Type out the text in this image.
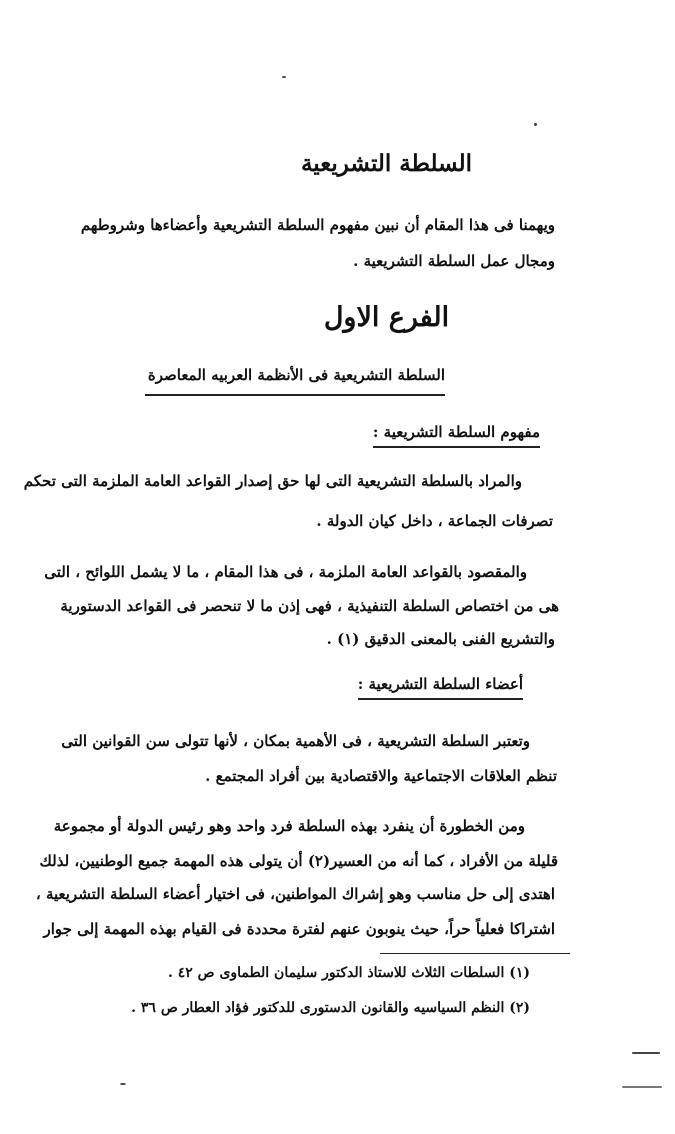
السلطة التشريعية
ويهمنا فى هذا المقام أن نبين مفهوم السلطة التشريعية وأعضاءها وشروطهم
ومجال عمل السلطة التشريعية .
الفرع الاول
السلطة التشريعية فى الأنظمة العربيه المعاصرة
مفهوم السلطة التشريعية :
والمراد بالسلطة التشريعية التى لها حق إصدار القواعد العامة الملزمة التى تحكم
تصرفات الجماعة ، داخل كيان الدولة .
والمقصود بالقواعد العامة الملزمة ، فى هذا المقام ، ما لا يشمل اللوائح ، التى
هى من اختصاص السلطة التنفيذية ، فهى إذن ما لا تنحصر فى القواعد الدستورية
والتشريع الفنى بالمعنى الدقيق (١) .
أعضاء السلطة التشريعية :
وتعتبر السلطة التشريعية ، فى الأهمية بمكان ، لأنها تتولى سن القوانين التى
تنظم العلاقات الاجتماعية والاقتصادية بين أفراد المجتمع .
ومن الخطورة أن ينفرد بهذه السلطة فرد واحد وهو رئيس الدولة أو مجموعة
قليلة من الأفراد ، كما أنه من العسير(٢) أن يتولى هذه المهمة جميع الوطنيين، لذلك
اهتدى إلى حل مناسب وهو إشراك المواطنين، فى اختيار أعضاء السلطة التشريعية ،
اشتراكا فعلياً حراً، حيث ينوبون عنهم لفترة محددة فى القيام بهذه المهمة إلى جوار
(١) السلطات الثلاث للاستاذ الدكتور سليمان الطماوى ص ٤٢ .
(٢) النظم السياسيه والقانون الدستورى للدكتور فؤاد العطار ص ٣٦ .
